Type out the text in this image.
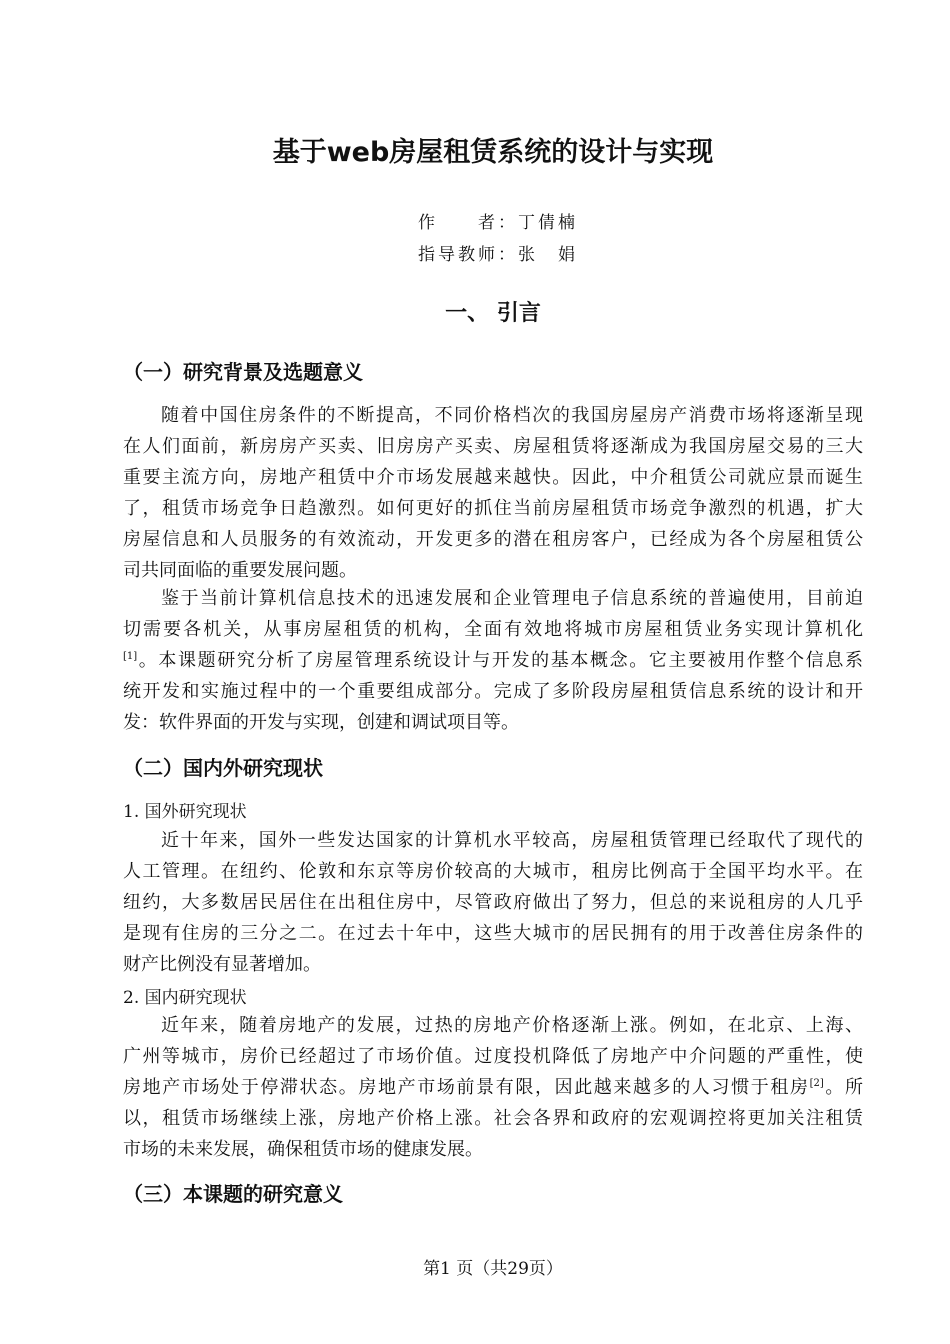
基于web房屋租赁系统的设计与实现
作　　者：丁倩楠
指导教师：张　娟
一、 引言
（一）研究背景及选题意义
随着中国住房条件的不断提高，不同价格档次的我国房屋房产消费市场将逐渐呈现
在人们面前，新房房产买卖、旧房房产买卖、房屋租赁将逐渐成为我国房屋交易的三大
重要主流方向，房地产租赁中介市场发展越来越快。因此，中介租赁公司就应景而诞生
了，租赁市场竞争日趋激烈。如何更好的抓住当前房屋租赁市场竞争激烈的机遇，扩大
房屋信息和人员服务的有效流动，开发更多的潜在租房客户，已经成为各个房屋租赁公
司共同面临的重要发展问题。
鉴于当前计算机信息技术的迅速发展和企业管理电子信息系统的普遍使用，目前迫
切需要各机关，从事房屋租赁的机构，全面有效地将城市房屋租赁业务实现计算机化
[1]。本课题研究分析了房屋管理系统设计与开发的基本概念。它主要被用作整个信息系
统开发和实施过程中的一个重要组成部分。完成了多阶段房屋租赁信息系统的设计和开
发：软件界面的开发与实现，创建和调试项目等。
（二）国内外研究现状
1. 国外研究现状
近十年来，国外一些发达国家的计算机水平较高，房屋租赁管理已经取代了现代的
人工管理。在纽约、伦敦和东京等房价较高的大城市，租房比例高于全国平均水平。在
纽约，大多数居民居住在出租住房中，尽管政府做出了努力，但总的来说租房的人几乎
是现有住房的三分之二。在过去十年中，这些大城市的居民拥有的用于改善住房条件的
财产比例没有显著增加。
2. 国内研究现状
近年来，随着房地产的发展，过热的房地产价格逐渐上涨。例如，在北京、上海、
广州等城市，房价已经超过了市场价值。过度投机降低了房地产中介问题的严重性，使
房地产市场处于停滞状态。房地产市场前景有限，因此越来越多的人习惯于租房[2]。所
以，租赁市场继续上涨，房地产价格上涨。社会各界和政府的宏观调控将更加关注租赁
市场的未来发展，确保租赁市场的健康发展。
（三）本课题的研究意义
第1 页（共29页）
